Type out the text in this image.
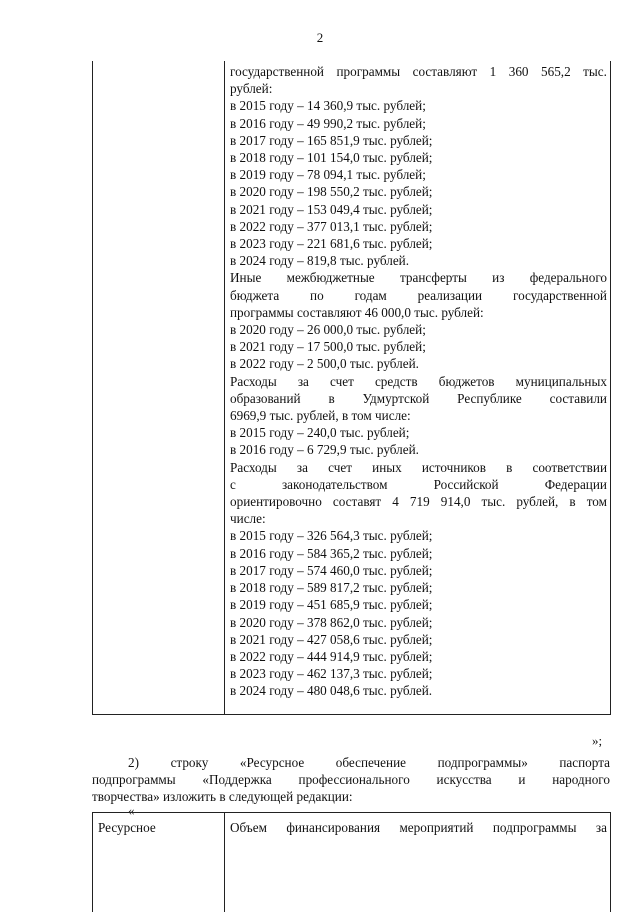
2
государственной программы составляют 1 360 565,2 тыс.
рублей:
в 2015 году – 14 360,9 тыс. рублей;
в 2016 году – 49 990,2 тыс. рублей;
в 2017 году – 165 851,9 тыс. рублей;
в 2018 году – 101 154,0 тыс. рублей;
в 2019 году – 78 094,1 тыс. рублей;
в 2020 году – 198 550,2 тыс. рублей;
в 2021 году – 153 049,4 тыс. рублей;
в 2022 году – 377 013,1 тыс. рублей;
в 2023 году – 221 681,6 тыс. рублей;
в 2024 году – 819,8 тыс. рублей.
Иные межбюджетные трансферты из федерального
бюджета по годам реализации государственной
программы составляют 46 000,0 тыс. рублей:
в 2020 году – 26 000,0 тыс. рублей;
в 2021 году – 17 500,0 тыс. рублей;
в 2022 году – 2 500,0 тыс. рублей.
Расходы за счет средств бюджетов муниципальных
образований в Удмуртской Республике составили
6969,9 тыс. рублей, в том числе:
в 2015 году – 240,0 тыс. рублей;
в 2016 году – 6 729,9 тыс. рублей.
Расходы за счет иных источников в соответствии
с	законодательством	Российской	Федерации
ориентировочно составят 4 719 914,0 тыс. рублей, в том
числе:
в 2015 году – 326 564,3 тыс. рублей;
в 2016 году – 584 365,2 тыс. рублей;
в 2017 году – 574 460,0 тыс. рублей;
в 2018 году – 589 817,2 тыс. рублей;
в 2019 году – 451 685,9 тыс. рублей;
в 2020 году – 378 862,0 тыс. рублей;
в 2021 году – 427 058,6 тыс. рублей;
в 2022 году – 444 914,9 тыс. рублей;
в 2023 году – 462 137,3 тыс. рублей;
в 2024 году – 480 048,6 тыс. рублей.
»;
2) строку «Ресурсное обеспечение подпрограммы» паспорта
подпрограммы «Поддержка профессионального искусства и народного
творчества» изложить в следующей редакции:
«
Ресурсное	Объем финансирования мероприятий подпрограммы за
